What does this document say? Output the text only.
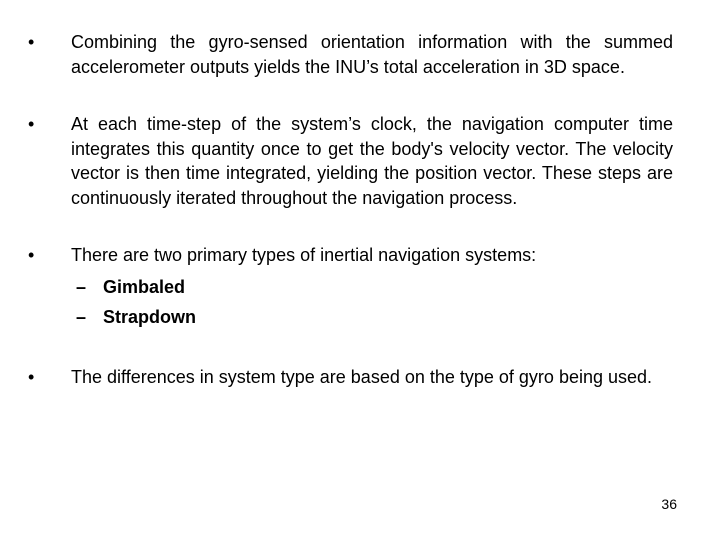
•	Combining the gyro-sensed orientation information with the summed accelerometer outputs yields the INU’s total acceleration in 3D space.
•	At each time-step of the system’s clock, the navigation computer time integrates this quantity once to get the body's velocity vector. The velocity vector is then time integrated, yielding the position vector. These steps are continuously iterated throughout the navigation process.
•	There are two primary types of inertial navigation systems:
– Gimbaled
– Strapdown
•	The differences in system type are based on the type of gyro being used.
36
